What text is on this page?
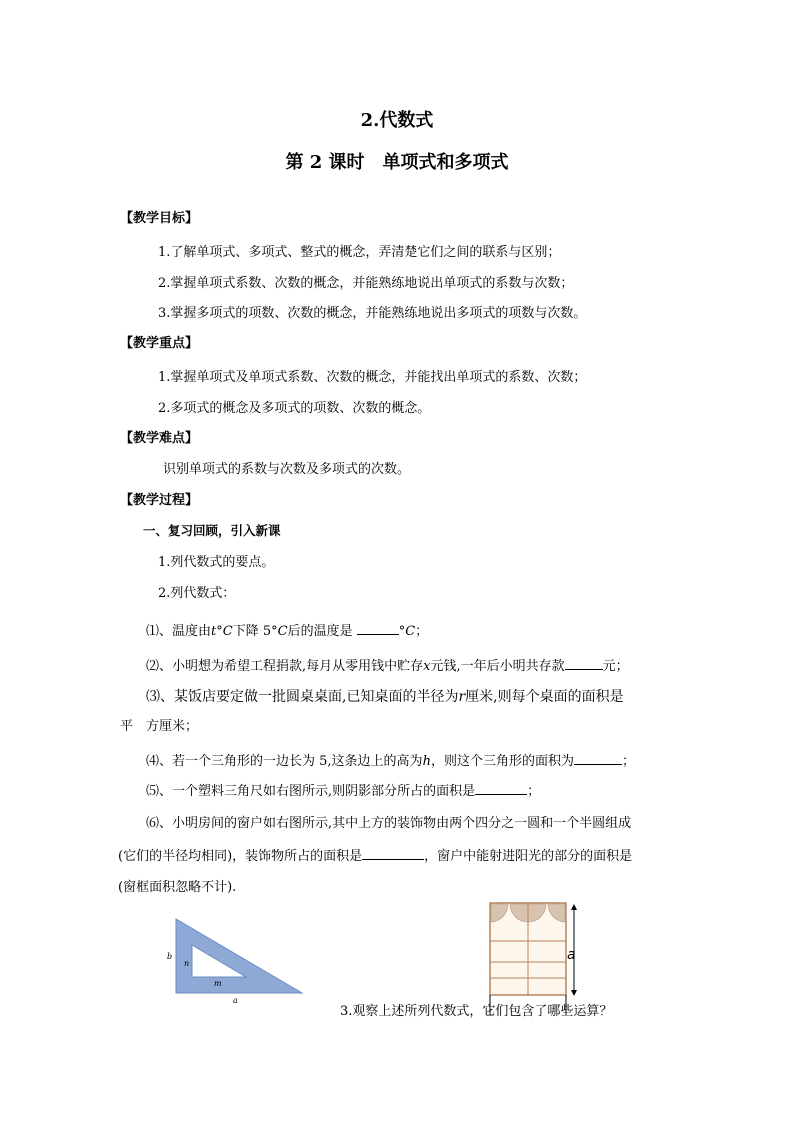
2.代数式
第 2 课时　单项式和多项式
【教学目标】
1.了解单项式、多项式、整式的概念，弄清楚它们之间的联系与区别；
2.掌握单项式系数、次数的概念，并能熟练地说出单项式的系数与次数；
3.掌握多项式的项数、次数的概念，并能熟练地说出多项式的项数与次数。
【教学重点】
1.掌握单项式及单项式系数、次数的概念，并能找出单项式的系数、次数；
2.多项式的概念及多项式的项数、次数的概念。
【教学难点】
识别单项式的系数与次数及多项式的次数。
【教学过程】
一、复习回顾，引入新课
1.列代数式的要点。
2.列代数式：
⑴、温度由t°C下降 5°C后的温度是	°C；
⑵、小明想为希望工程捐款,每月从零用钱中贮存x元钱,一年后小明共存款	元；
⑶、某饭店要定做一批圆桌桌面,已知桌面的半径为r厘米,则每个桌面的面积是
平　方厘米；
⑷、若一个三角形的一边长为 5,这条边上的高为h，则这个三角形的面积为	；
⑸、一个塑料三角尺如右图所示,则阴影部分所占的面积是	；
⑹、小明房间的窗户如右图所示,其中上方的装饰物由两个四分之一圆和一个半圆组成
(它们的半径均相同)，装饰物所占的面积是	，窗户中能射进阳光的部分的面积是
(窗框面积忽略不计).
b
n
m
a
a
3.观察上述所列代数式，它们包含了哪些运算？
